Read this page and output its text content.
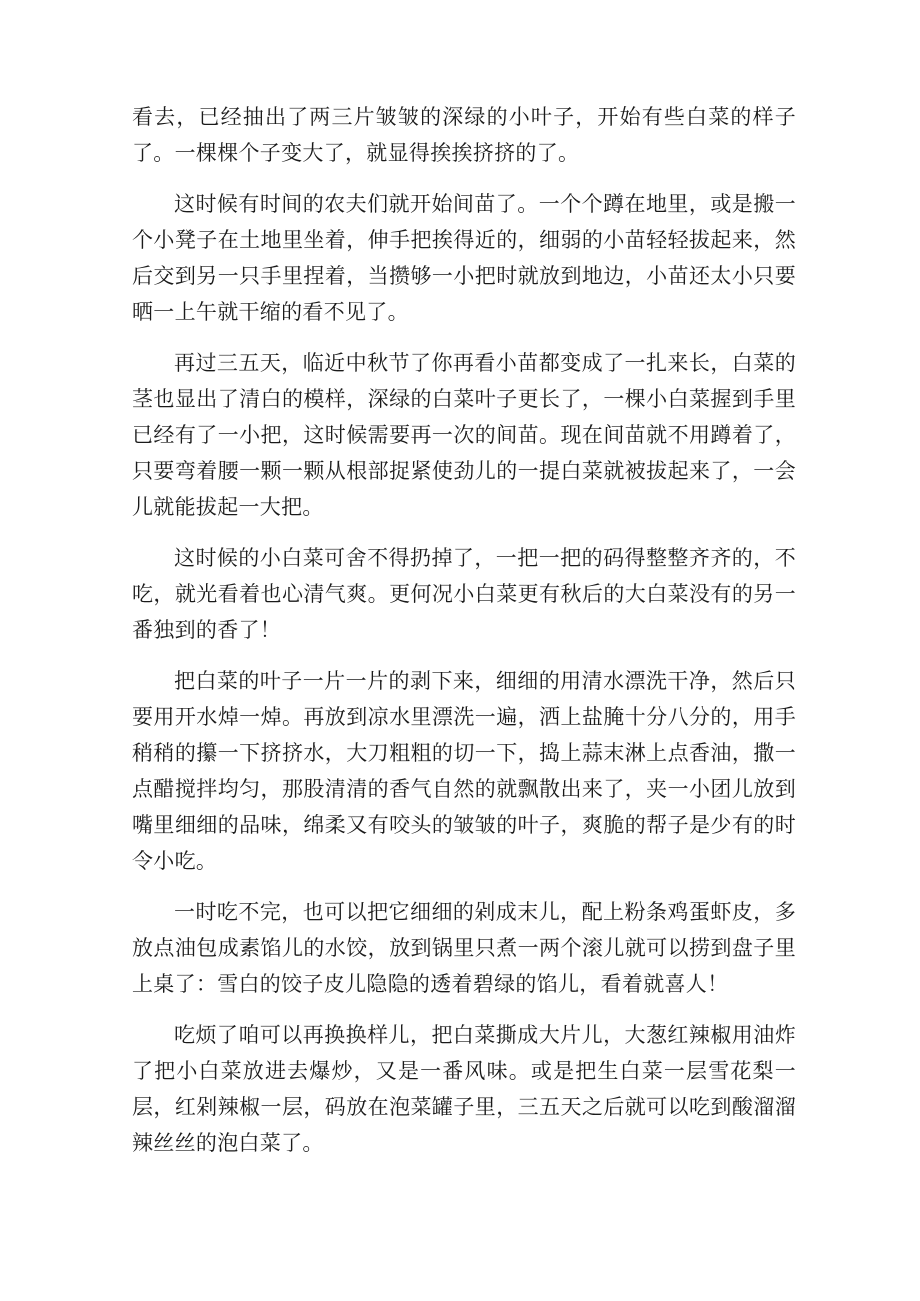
看去，已经抽出了两三片皱皱的深绿的小叶子，开始有些白菜的样子了。一棵棵个子变大了，就显得挨挨挤挤的了。

这时候有时间的农夫们就开始间苗了。一个个蹲在地里，或是搬一个小凳子在土地里坐着，伸手把挨得近的，细弱的小苗轻轻拔起来，然后交到另一只手里捏着，当攒够一小把时就放到地边，小苗还太小只要晒一上午就干缩的看不见了。

再过三五天，临近中秋节了你再看小苗都变成了一扎来长，白菜的茎也显出了清白的模样，深绿的白菜叶子更长了，一棵小白菜握到手里已经有了一小把，这时候需要再一次的间苗。现在间苗就不用蹲着了，只要弯着腰一颗一颗从根部捉紧使劲儿的一提白菜就被拔起来了，一会儿就能拔起一大把。

这时候的小白菜可舍不得扔掉了，一把一把的码得整整齐齐的，不吃，就光看着也心清气爽。更何况小白菜更有秋后的大白菜没有的另一番独到的香了！

把白菜的叶子一片一片的剥下来，细细的用清水漂洗干净，然后只要用开水焯一焯。再放到凉水里漂洗一遍，洒上盐腌十分八分的，用手稍稍的攥一下挤挤水，大刀粗粗的切一下，捣上蒜末淋上点香油，撒一点醋搅拌均匀，那股清清的香气自然的就飘散出来了，夹一小团儿放到嘴里细细的品味，绵柔又有咬头的皱皱的叶子，爽脆的帮子是少有的时令小吃。

一时吃不完，也可以把它细细的剁成末儿，配上粉条鸡蛋虾皮，多放点油包成素馅儿的水饺，放到锅里只煮一两个滚儿就可以捞到盘子里上桌了：雪白的饺子皮儿隐隐的透着碧绿的馅儿，看着就喜人！

吃烦了咱可以再换换样儿，把白菜撕成大片儿，大葱红辣椒用油炸了把小白菜放进去爆炒，又是一番风味。或是把生白菜一层雪花梨一层，红剁辣椒一层，码放在泡菜罐子里，三五天之后就可以吃到酸溜溜辣丝丝的泡白菜了。
